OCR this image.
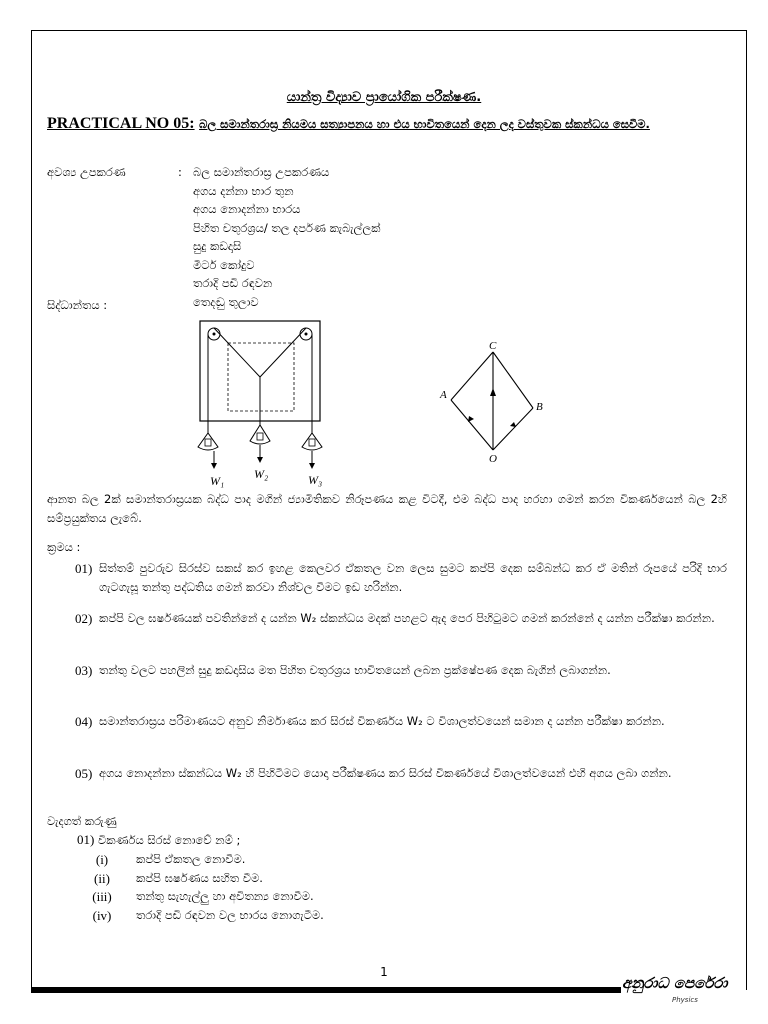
යාන්ත්‍ර විද්‍යාව ප්‍රායෝගික පරීක්ෂණ.
PRACTICAL NO 05: බල සමාන්තරාස්‍ර නියමය සත්‍යාපනය හා එය භාවිතයෙන් දෙන ලද වස්තුවක ස්කන්ධය සෙවීම.
අවශ්‍ය උපකරණ	: බල සමාන්තරාස්‍ර උපකරණය
අගය දන්නා භාර තුන
අගය නොදන්නා භාරය
පිහිත චතුරශ්‍රය/ තල දර්පණ කැබැල්ලක්
සුදු කඩදාසි
මීටර් කෝදුව
තරාදි පඩි රඳවන
තෙදඬු තුලාව
සිද්ධාන්තය :
W₁ W₂	W₃
C
A
B
O
ආනත බල 2ක් සමාන්තරාස්‍රයක බද්ධ පාද මගින් ජ්‍යාමිතිකව නිරූපණය කළ විටදී, එම බද්ධ පාද හරහා ගමන් කරන විකර්ණයෙන් බල 2හි සම්ප්‍රයුක්තය ලැබේ.
ක්‍රමය :
01) සිත්තම් පුවරුව සිරස්ව සකස් කර ඉහළ කෙලවර ඒකතල වන ලෙස සුමට කප්පි දෙක සම්බන්ධ කර ඒ මතින් රූපයේ පරිදි භාර ගැටගැසූ තන්තු පද්ධතිය ගමන් කරවා නිශ්චල වීමට ඉඩ හරින්න.
02) කප්පි වල ඝර්ෂණයක් පවතින්නේ ද යන්න W₂ ස්කන්ධය මදක් පහළට ඇද පෙර පිහිටුමට ගමන් කරන්නේ ද යන්න පරීක්ෂා කරන්න.
03) තන්තු වලට පහලින් සුදු කඩදාසිය මත පිහිත චතුරශ්‍රය භාවිතයෙන් ලබන ප්‍රක්ෂේපණ දෙක බැගින් ලබාගන්න.
04) සමාන්තරාස්‍රය පරිමාණයට අනුව නිර්මාණය කර සිරස් විකර්ණය W₂ ට විශාලත්වයෙන් සමාන ද යන්න පරීක්ෂා කරන්න.
05) අගය නොදන්නා ස්කන්ධය W₂ හි පිහිටීමට යොදා පරීක්ෂණය කර සිරස් විකර්ණයේ විශාලත්වයෙන් එහි අගය ලබා ගන්න.
වැදගත් කරුණු
01) විකර්ණය සිරස් නොවේ නම් ;
(i)	කප්පි ඒකතල නොවීම.
(ii)	කප්පි ඝර්ෂණය සහිත වීම.
(iii)	තන්තු සැහැල්ලු හා අවිතන්‍ය නොවීම.
(iv)	තරාදි පඩි රඳවන වල භාරය නොගැටීම.
1
අනුරාධ පෙරේරා
Physics
